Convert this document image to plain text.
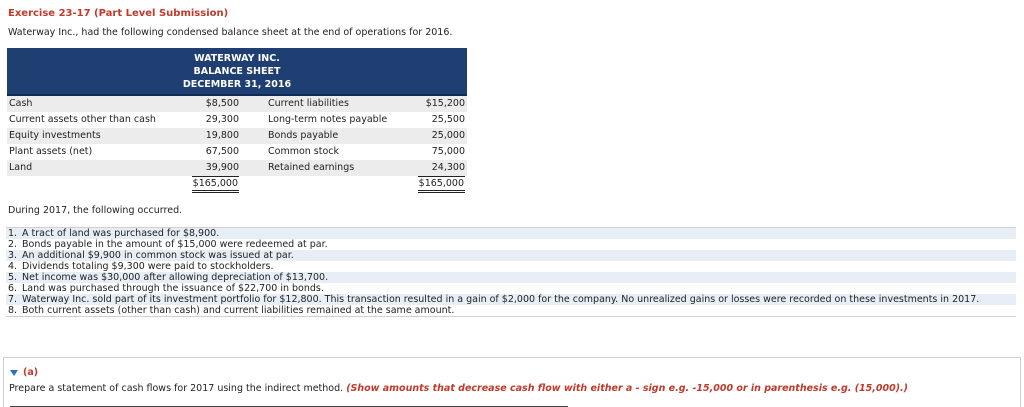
Exercise 23-17 (Part Level Submission)
Waterway Inc., had the following condensed balance sheet at the end of operations for 2016.
WATERWAY INC.
BALANCE SHEET
DECEMBER 31, 2016
Cash	$8,500	Current liabilities	$15,200
Current assets other than cash	29,300	Long-term notes payable	25,500
Equity investments	19,800	Bonds payable	25,000
Plant assets (net)	67,500	Common stock	75,000
Land	39,900	Retained earnings	24,300
$165,000	$165,000
During 2017, the following occurred.
1. A tract of land was purchased for $8,900.
2. Bonds payable in the amount of $15,000 were redeemed at par.
3. An additional $9,900 in common stock was issued at par.
4. Dividends totaling $9,300 were paid to stockholders.
5. Net income was $30,000 after allowing depreciation of $13,700.
6. Land was purchased through the issuance of $22,700 in bonds.
7. Waterway Inc. sold part of its investment portfolio for $12,800. This transaction resulted in a gain of $2,000 for the company. No unrealized gains or losses were recorded on these investments in 2017.
8. Both current assets (other than cash) and current liabilities remained at the same amount.
(a)
Prepare a statement of cash flows for 2017 using the indirect method. (Show amounts that decrease cash flow with either a - sign e.g. -15,000 or in parenthesis e.g. (15,000).)
